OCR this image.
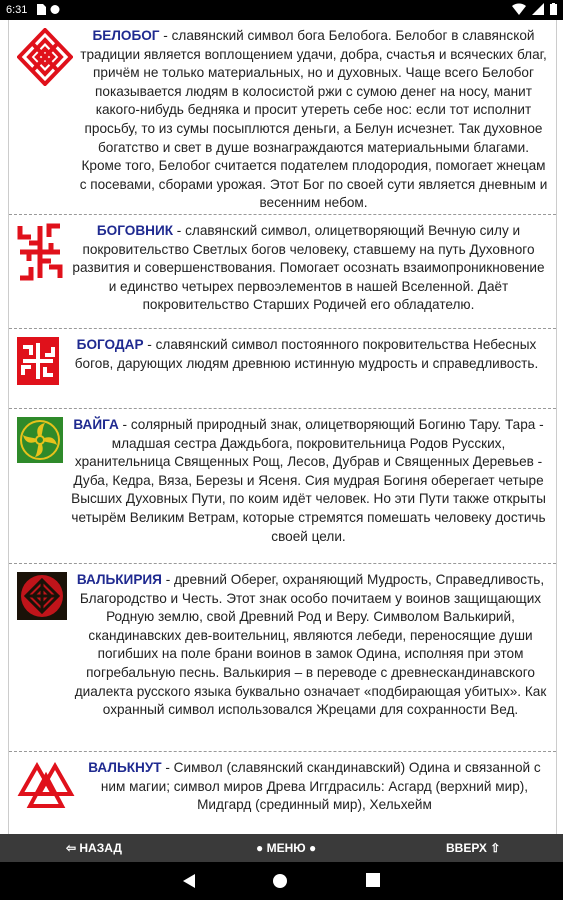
6:31

БЕЛОБОГ - славянский символ бога Белобога. Белобог в славянской традиции является воплощением удачи, добра, счастья и всяческих благ, причём не только материальных, но и духовных. Чаще всего Белобог показывается людям в колосистой ржи с сумою денег на носу, манит какого-нибудь бедняка и просит утереть себе нос: если тот исполнит просьбу, то из сумы посыплются деньги, а Белун исчезнет. Так духовное богатство и свет в душе вознаграждаются материальными благами. Кроме того, Белобог считается подателем плодородия, помогает жнецам с посевами, сборами урожая. Этот Бог по своей сути является дневным и весенним небом.

БОГОВНИК - славянский символ, олицетворяющий Вечную силу и покровительство Светлых богов человеку, ставшему на путь Духовного развития и совершенствования. Помогает осознать взаимопроникновение и единство четырех первоэлементов в нашей Вселенной. Даёт покровительство Старших Родичей его обладателю.

БОГОДАР - славянский символ постоянного покровительства Небесных богов, дарующих людям древнюю истинную мудрость и справедливость.

ВАЙГА - солярный природный знак, олицетворяющий Богиню Тару. Тара - младшая сестра Даждьбога, покровительница Родов Русских, хранительница Священных Рощ, Лесов, Дубрав и Священных Деревьев - Дуба, Кедра, Вяза, Березы и Ясеня. Сия мудрая Богиня оберегает четыре Высших Духовных Пути, по коим идёт человек. Но эти Пути также открыты четырём Великим Ветрам, которые стремятся помешать человеку достичь своей цели.

ВАЛЬКИРИЯ - древний Оберег, охраняющий Мудрость, Справедливость, Благородство и Честь. Этот знак особо почитаем у воинов защищающих Родную землю, свой Древний Род и Веру. Символом Валькирий, скандинавских дев-воительниц, являются лебеди, переносящие души погибших на поле брани воинов в замок Одина, исполняя при этом погребальную песнь. Валькирия – в переводе с древнескандинавского диалекта русского языка буквально означает «подбирающая убитых». Как охранный символ использовался Жрецами для сохранности Вед.

ВАЛЬКНУТ - Символ (славянский скандинавский) Одина и связанной с ним магии; символ миров Древа Иггдрасиль: Асгард (верхний мир), Мидгард (срединный мир), Хельхейм

⇦ НАЗАД	● МЕНЮ ●	ВВЕРХ ⇧
